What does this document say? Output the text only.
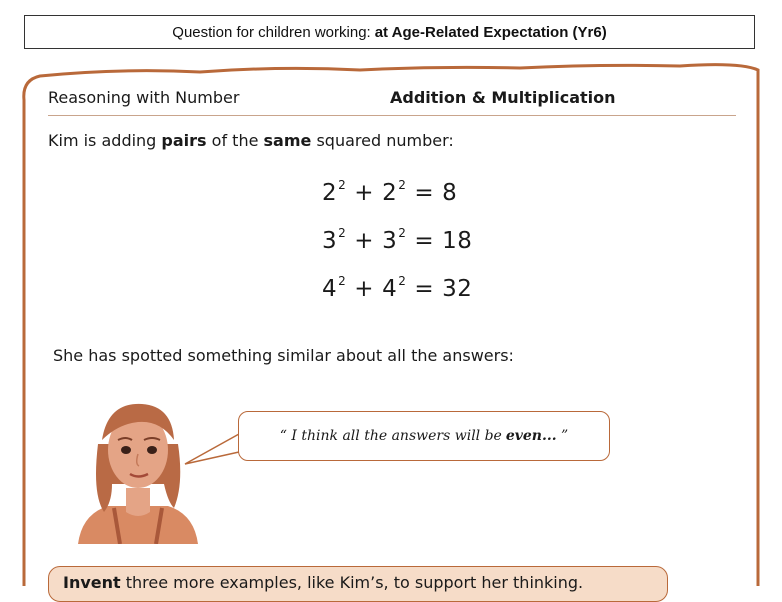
Question for children working: at Age-Related Expectation (Yr6)
Reasoning with Number	Addition & Multiplication
Kim is adding pairs of the same squared number:
$2^2 + 2^2 = 8$
$3^2 + 3^2 = 18$
$4^2 + 4^2 = 32$
She has spotted something similar about all the answers:
“
I think all the answers will be even...
”
Invent three more examples, like Kim’s, to support her thinking.
